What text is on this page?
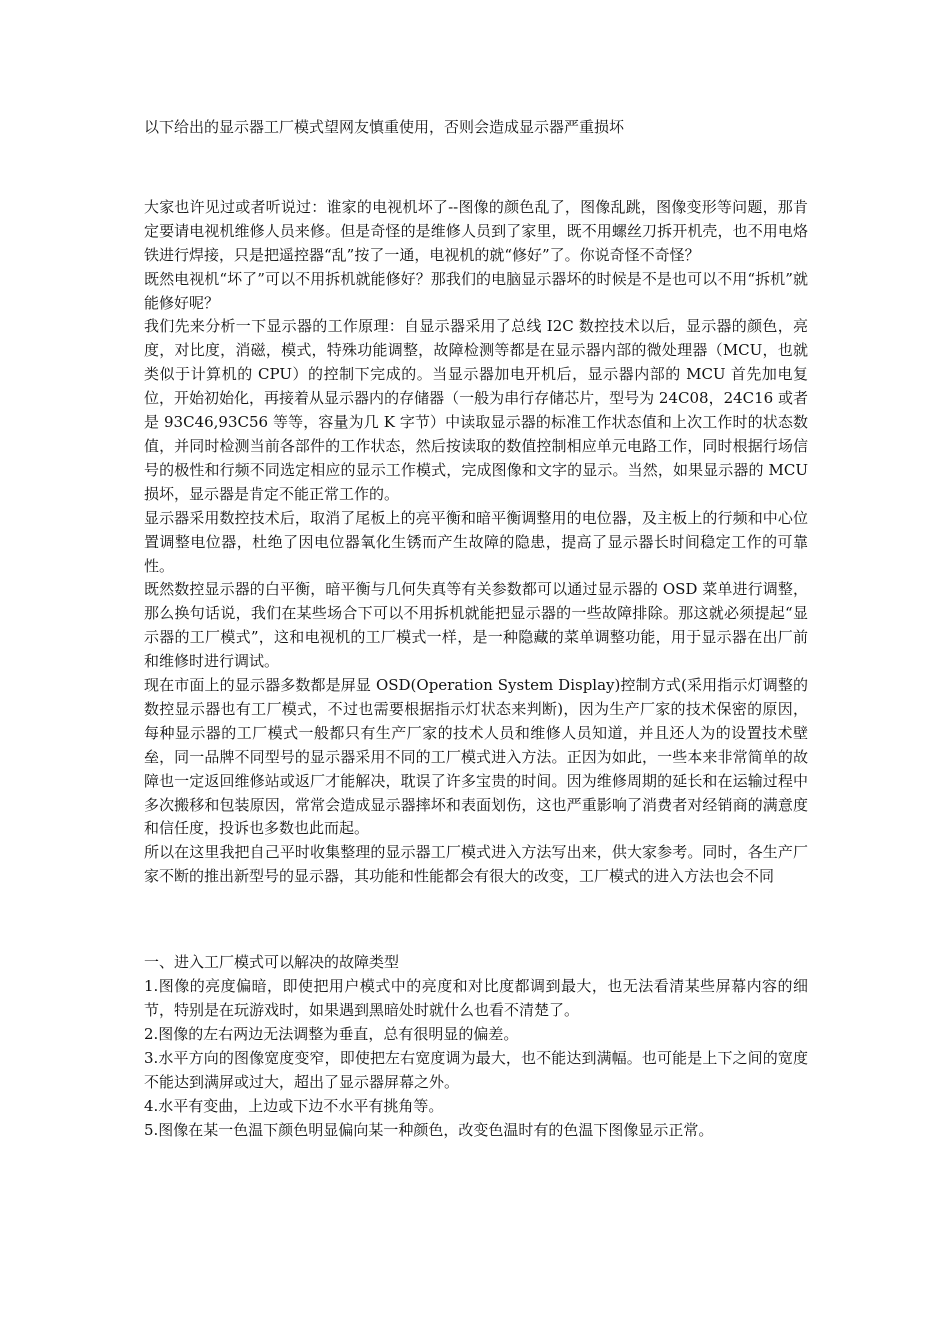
以下给出的显示器工厂模式望网友慎重使用，否则会造成显示器严重损坏

大家也许见过或者听说过：谁家的电视机坏了--图像的颜色乱了，图像乱跳，图像变形等问题，那肯定要请电视机维修人员来修。但是奇怪的是维修人员到了家里，既不用螺丝刀拆开机壳，也不用电烙铁进行焊接，只是把遥控器“乱”按了一通，电视机的就“修好”了。你说奇怪不奇怪？

既然电视机“坏了”可以不用拆机就能修好？那我们的电脑显示器坏的时候是不是也可以不用“拆机”就能修好呢？

我们先来分析一下显示器的工作原理：自显示器采用了总线 I2C 数控技术以后，显示器的颜色，亮度，对比度，消磁，模式，特殊功能调整，故障检测等都是在显示器内部的微处理器（MCU，也就类似于计算机的 CPU）的控制下完成的。当显示器加电开机后，显示器内部的 MCU 首先加电复位，开始初始化，再接着从显示器内的存储器（一般为串行存储芯片，型号为 24C08，24C16 或者是 93C46,93C56 等等，容量为几 K 字节）中读取显示器的标准工作状态值和上次工作时的状态数值，并同时检测当前各部件的工作状态，然后按读取的数值控制相应单元电路工作，同时根据行场信号的极性和行频不同选定相应的显示工作模式，完成图像和文字的显示。当然，如果显示器的 MCU 损坏，显示器是肯定不能正常工作的。

显示器采用数控技术后，取消了尾板上的亮平衡和暗平衡调整用的电位器，及主板上的行频和中心位置调整电位器，杜绝了因电位器氧化生锈而产生故障的隐患，提高了显示器长时间稳定工作的可靠性。

既然数控显示器的白平衡，暗平衡与几何失真等有关参数都可以通过显示器的 OSD 菜单进行调整，那么换句话说，我们在某些场合下可以不用拆机就能把显示器的一些故障排除。那这就必须提起“显示器的工厂模式”，这和电视机的工厂模式一样，是一种隐藏的菜单调整功能，用于显示器在出厂前和维修时进行调试。

现在市面上的显示器多数都是屏显 OSD(Operation System Display)控制方式(采用指示灯调整的数控显示器也有工厂模式，不过也需要根据指示灯状态来判断)，因为生产厂家的技术保密的原因，每种显示器的工厂模式一般都只有生产厂家的技术人员和维修人员知道，并且还人为的设置技术壁垒，同一品牌不同型号的显示器采用不同的工厂模式进入方法。正因为如此，一些本来非常简单的故障也一定返回维修站或返厂才能解决，耽误了许多宝贵的时间。因为维修周期的延长和在运输过程中多次搬移和包装原因，常常会造成显示器摔坏和表面划伤，这也严重影响了消费者对经销商的满意度和信任度，投诉也多数也此而起。

所以在这里我把自己平时收集整理的显示器工厂模式进入方法写出来，供大家参考。同时，各生产厂家不断的推出新型号的显示器，其功能和性能都会有很大的改变，工厂模式的进入方法也会不同

一、进入工厂模式可以解决的故障类型

1.图像的亮度偏暗，即使把用户模式中的亮度和对比度都调到最大，也无法看清某些屏幕内容的细节，特别是在玩游戏时，如果遇到黑暗处时就什么也看不清楚了。

2.图像的左右两边无法调整为垂直，总有很明显的偏差。

3.水平方向的图像宽度变窄，即使把左右宽度调为最大，也不能达到满幅。也可能是上下之间的宽度不能达到满屏或过大，超出了显示器屏幕之外。

4.水平有变曲，上边或下边不水平有挑角等。

5.图像在某一色温下颜色明显偏向某一种颜色，改变色温时有的色温下图像显示正常。
